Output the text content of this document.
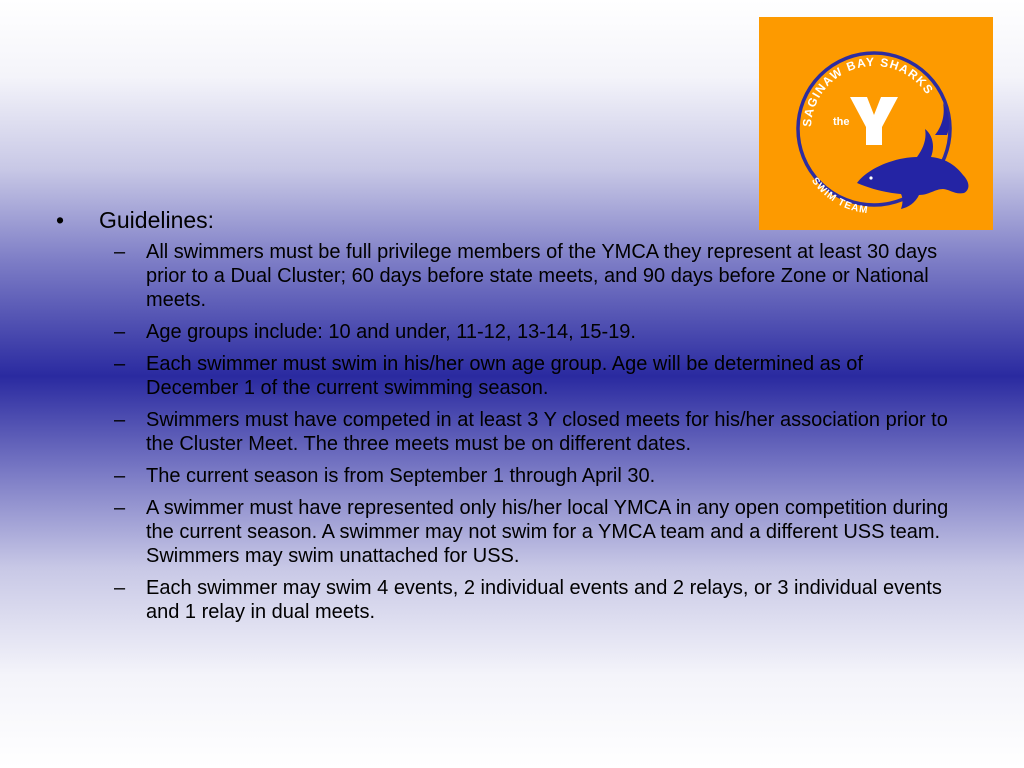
SAGINAW BAY SHARKS
SWIM TEAM
the
YMCA
•	Guidelines:
–	All swimmers must be full privilege members of the YMCA they represent at least 30 days prior to a Dual Cluster; 60 days before state meets, and 90 days before Zone or National meets.
–	Age groups include: 10 and under, 11-12, 13-14, 15-19.
–	Each swimmer must swim in his/her own age group. Age will be determined as of December 1 of the current swimming season.
–	Swimmers must have competed in at least 3 Y closed meets for his/her association prior to the Cluster Meet. The three meets must be on different dates.
–	The current season is from September 1 through April 30.
–	A swimmer must have represented only his/her local YMCA in any open competition during the current season. A swimmer may not swim for a YMCA team and a different USS team. Swimmers may swim unattached for USS.
–	Each swimmer may swim 4 events, 2 individual events and 2 relays, or 3 individual events and 1 relay in dual meets.
